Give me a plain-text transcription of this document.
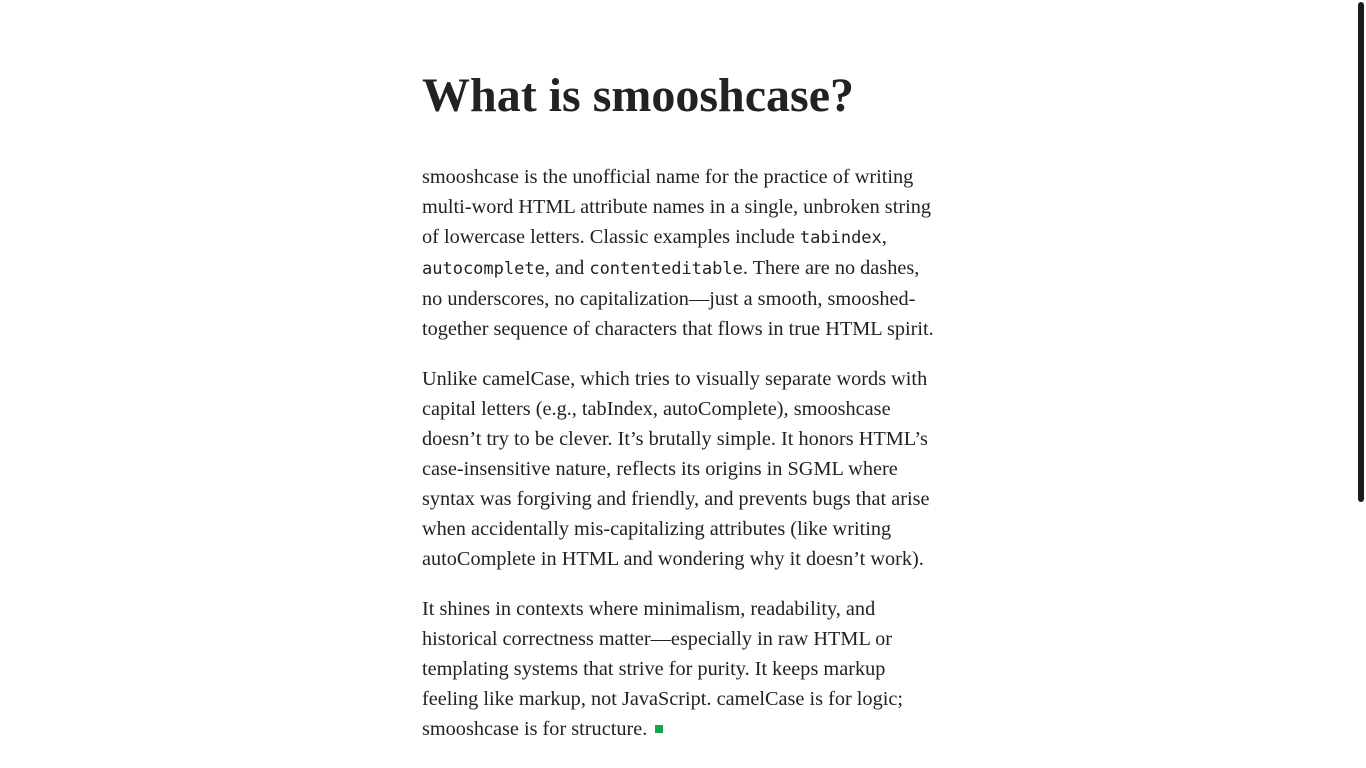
What is smooshcase?

smooshcase is the unofficial name for the practice of writing multi-word HTML attribute names in a single, unbroken string of lowercase letters. Classic examples include tabindex, autocomplete, and contenteditable. There are no dashes, no underscores, no capitalization—just a smooth, smooshed-together sequence of characters that flows in true HTML spirit.

Unlike camelCase, which tries to visually separate words with capital letters (e.g., tabIndex, autoComplete), smooshcase doesn’t try to be clever. It’s brutally simple. It honors HTML’s case-insensitive nature, reflects its origins in SGML where syntax was forgiving and friendly, and prevents bugs that arise when accidentally mis-capitalizing attributes (like writing autoComplete in HTML and wondering why it doesn’t work).

It shines in contexts where minimalism, readability, and historical correctness matter—especially in raw HTML or templating systems that strive for purity. It keeps markup feeling like markup, not JavaScript. camelCase is for logic; smooshcase is for structure.
